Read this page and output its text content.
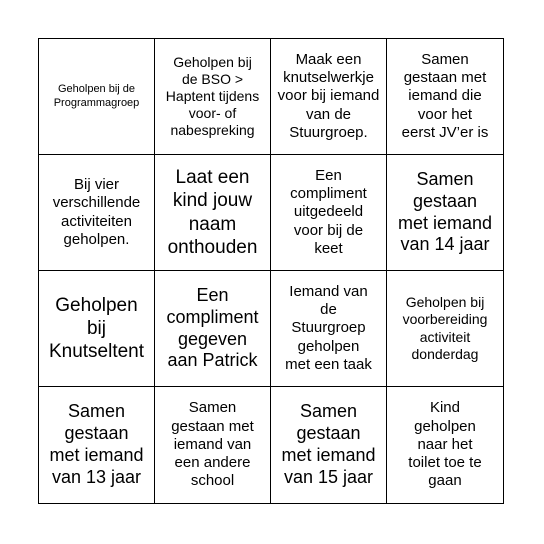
Geholpen bij de
Programmagroep
Geholpen bij
de BSO >
Haptent tijdens
voor- of
nabespreking
Maak een
knutselwerkje
voor bij iemand
van de
Stuurgroep.
Samen
gestaan met
iemand die
voor het
eerst JV’er is
Bij vier
verschillende
activiteiten
geholpen.
Laat een
kind jouw
naam
onthouden
Een
compliment
uitgedeeld
voor bij de
keet
Samen
gestaan
met iemand
van 14 jaar
Geholpen
bij
Knutseltent
Een
compliment
gegeven
aan Patrick
Iemand van
de
Stuurgroep
geholpen
met een taak
Geholpen bij
voorbereiding
activiteit
donderdag
Samen
gestaan
met iemand
van 13 jaar
Samen
gestaan met
iemand van
een andere
school
Samen
gestaan
met iemand
van 15 jaar
Kind
geholpen
naar het
toilet toe te
gaan
